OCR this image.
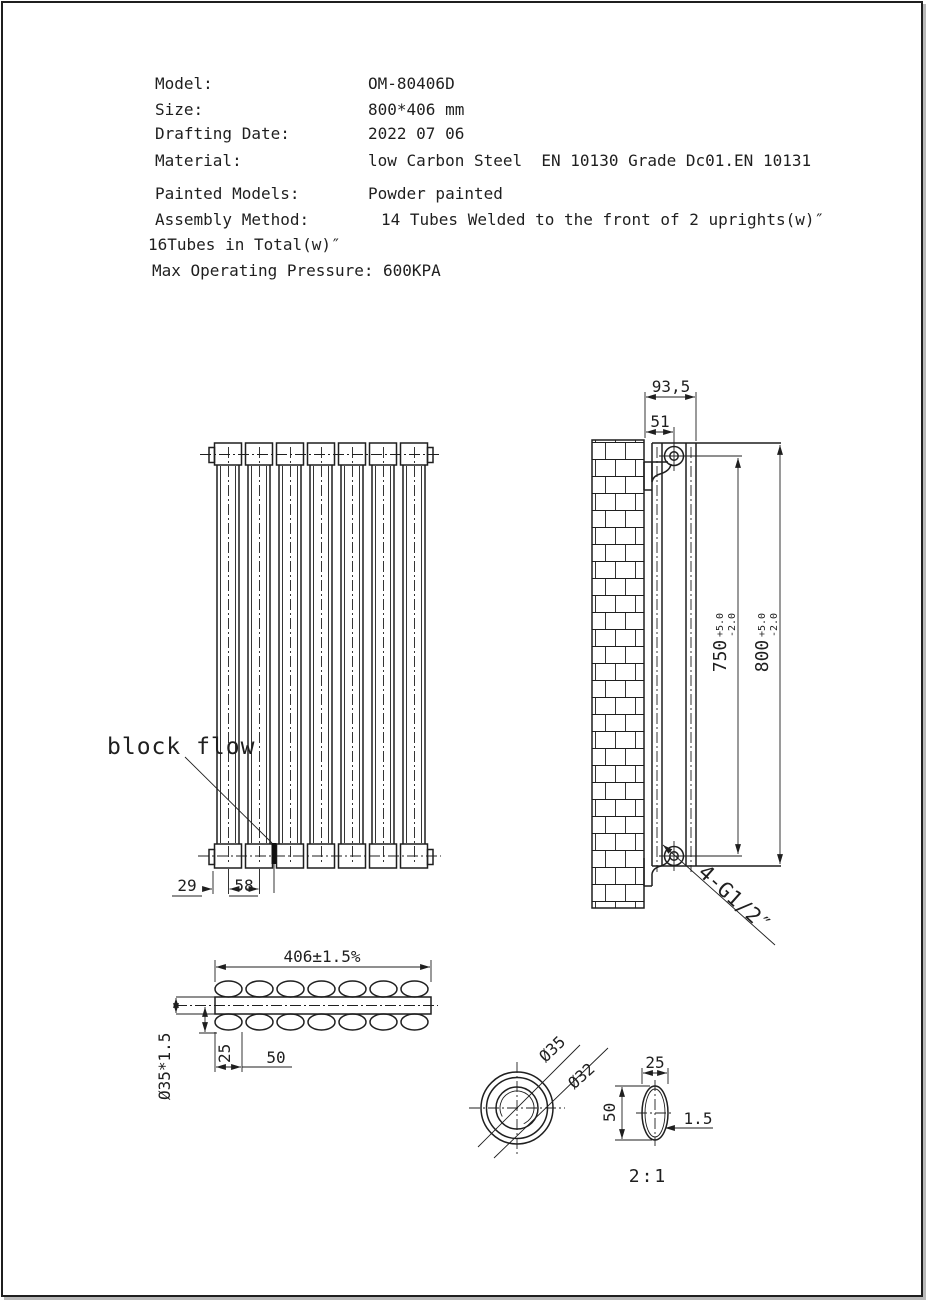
Model:	OM-80406D
Size:	800*406 mm
Drafting Date:	2022 07 06
Material:	low Carbon Steel  EN 10130 Grade Dc01.EN 10131
Painted Models:	Powder painted
Assembly Method:	14 Tubes Welded to the front of 2 uprights(w)″
16Tubes in Total(w)″
Max Operating Pressure: 600KPA
block flow
29 58
93,5
51
750
+5.0 -2.0
800
+5.0 -2.0
4-G1/2″
406±1.5%
Ø35*1.5	25 50	Ø35
Ø32	25
50	1.5
2:1
